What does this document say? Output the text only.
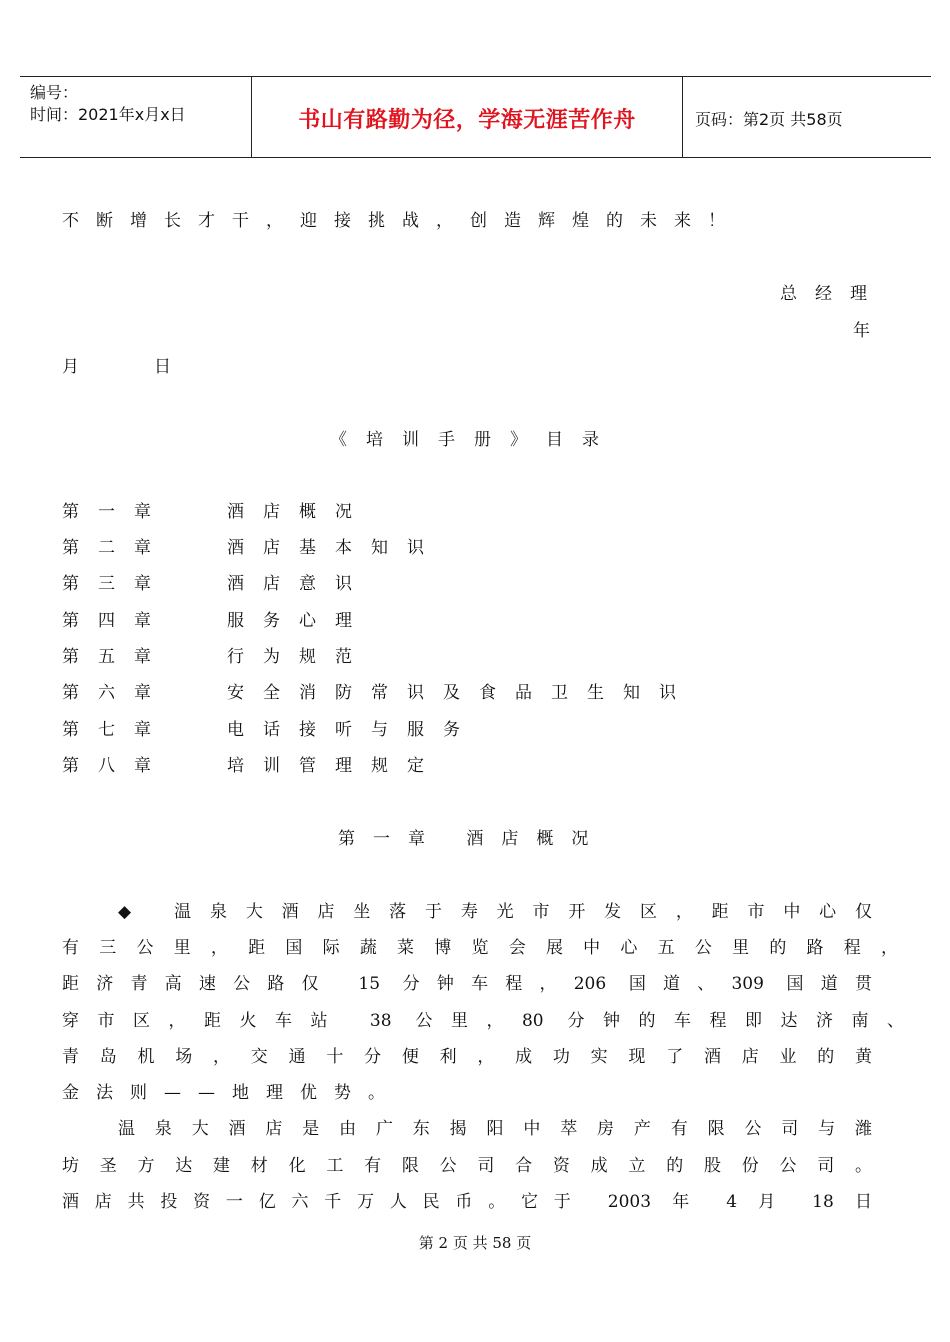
编号：
时间：2021年x月x日	书山有路勤为径，学海无涯苦作舟	页码：第2页 共58页
不断增长才干，迎接挑战，创造辉煌的未来！
总经理
年
月	日
《培训手册》目录
第一章	酒店概况
第二章	酒店基本知识
第三章	酒店意识
第四章	服务心理
第五章	行为规范
第六章	安全消防常识及食品卫生知识
第七章	电话接听与服务
第八章	培训管理规定
第一章 酒店概况
◆ 温泉大酒店坐落于寿光市开发区，距市中心仅
有三公里，距国际蔬菜博览会展中心五公里的路程，
距济青高速公路仅 15 分钟车程，206 国道、309 国道贯
穿市区，距火车站 38 公里，80 分钟的车程即达济南、
青岛机场，交通十分便利，成功实现了酒店业的黄
金法则——地理优势。
温泉大酒店是由广东揭阳中萃房产有限公司与潍
坊圣方达建材化工有限公司合资成立的股份公司。
酒店共投资一亿六千万人民币。它于 2003 年 4 月 18 日
第 2 页 共 58 页
